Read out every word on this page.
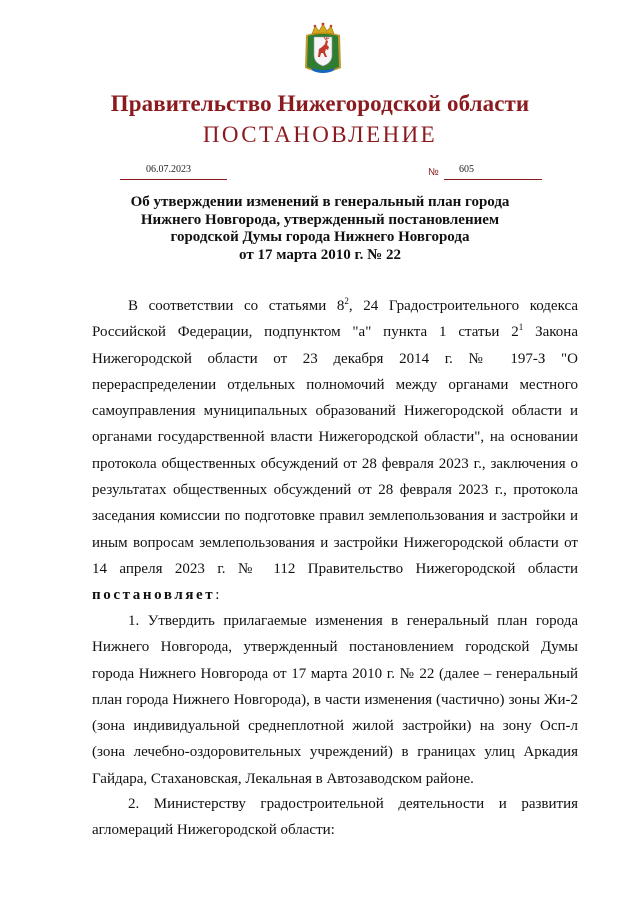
Правительство Нижегородской области
ПОСТАНОВЛЕНИЕ
06.07.2023	№ 605
Об утверждении изменений в генеральный план города
Нижнего Новгорода, утвержденный постановлением
городской Думы города Нижнего Новгорода
от 17 марта 2010 г. № 22

В соответствии со статьями $8^2$, 24 Градостроительного кодекса Российской Федерации, подпунктом "а" пункта 1 статьи $2^1$ Закона Нижегородской области от 23 декабря 2014 г. № 197-З "О перераспределении отдельных полномочий между органами местного самоуправления муниципальных образований Нижегородской области и органами государственной власти Нижегородской области", на основании протокола общественных обсуждений от 28 февраля 2023 г., заключения о результатах общественных обсуждений от 28 февраля 2023 г., протокола заседания комиссии по подготовке правил землепользования и застройки и иным вопросам землепользования и застройки Нижегородской области от 14 апреля 2023 г. № 112 Правительство Нижегородской области постановляет:

1. Утвердить прилагаемые изменения в генеральный план города Нижнего Новгорода, утвержденный постановлением городской Думы города Нижнего Новгорода от 17 марта 2010 г. № 22 (далее – генеральный план города Нижнего Новгорода), в части изменения (частично) зоны Жи-2 (зона индивидуальной среднеплотной жилой застройки) на зону Осп-л (зона лечебно-оздоровительных учреждений) в границах улиц Аркадия Гайдара, Стахановская, Лекальная в Автозаводском районе.

2. Министерству градостроительной деятельности и развития агломераций Нижегородской области:
